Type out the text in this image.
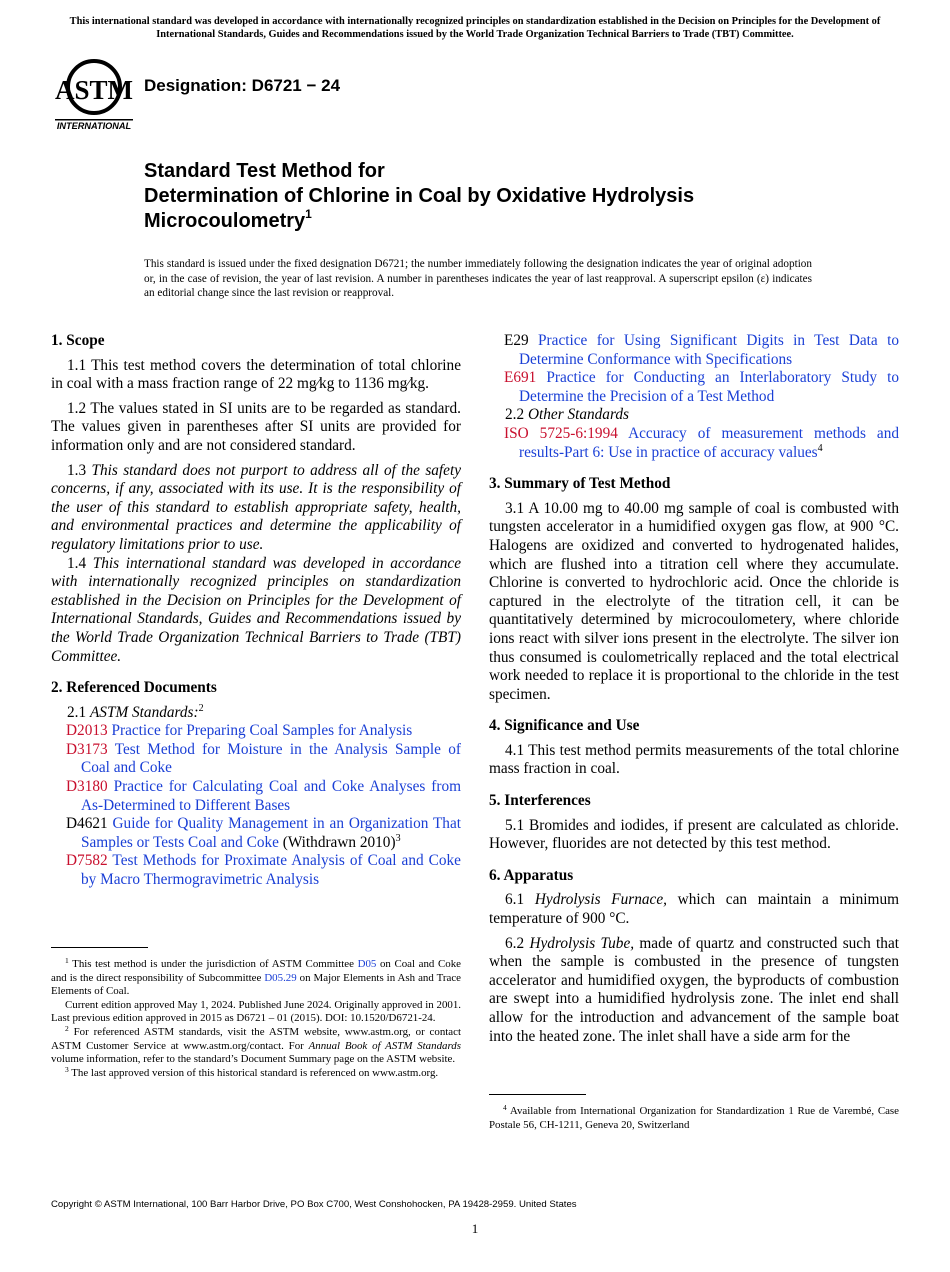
This international standard was developed in accordance with internationally recognized principles on standardization established in the Decision on Principles for the Development of International Standards, Guides and Recommendations issued by the World Trade Organization Technical Barriers to Trade (TBT) Committee.
ASTM
INTERNATIONAL
Designation: D6721 − 24
Standard Test Method for
Determination of Chlorine in Coal by Oxidative Hydrolysis
Microcoulometry$^1$
This standard is issued under the fixed designation D6721; the number immediately following the designation indicates the year of original adoption or, in the case of revision, the year of last revision. A number in parentheses indicates the year of last reapproval. A superscript epsilon (ε) indicates an editorial change since the last revision or reapproval.
1. Scope

1.1 This test method covers the determination of total chlorine in coal with a mass fraction range of 22 mg⁄kg to 1136 mg⁄kg.

1.2 The values stated in SI units are to be regarded as standard. The values given in parentheses after SI units are provided for information only and are not considered standard.

1.3 This standard does not purport to address all of the safety concerns, if any, associated with its use. It is the responsibility of the user of this standard to establish appropriate safety, health, and environmental practices and determine the applicability of regulatory limitations prior to use.

1.4 This international standard was developed in accordance with internationally recognized principles on standardization established in the Decision on Principles for the Development of International Standards, Guides and Recommendations issued by the World Trade Organization Technical Barriers to Trade (TBT) Committee.

2. Referenced Documents

2.1 ASTM Standards:$^2$

D2013 Practice for Preparing Coal Samples for Analysis
D3173 Test Method for Moisture in the Analysis Sample of Coal and Coke
D3180 Practice for Calculating Coal and Coke Analyses from As-Determined to Different Bases
D4621 Guide for Quality Management in an Organization That Samples or Tests Coal and Coke (Withdrawn 2010)$^3$
D7582 Test Methods for Proximate Analysis of Coal and Coke by Macro Thermogravimetric Analysis

$^1$ This test method is under the jurisdiction of ASTM Committee D05 on Coal and Coke and is the direct responsibility of Subcommittee D05.29 on Major Elements in Ash and Trace Elements of Coal.

Current edition approved May 1, 2024. Published June 2024. Originally approved in 2001. Last previous edition approved in 2015 as D6721 – 01 (2015). DOI: 10.1520/D6721-24.

$^2$ For referenced ASTM standards, visit the ASTM website, www.astm.org, or contact ASTM Customer Service at www.astm.org/contact. For Annual Book of ASTM Standards volume information, refer to the standard’s Document Summary page on the ASTM website.

$^3$ The last approved version of this historical standard is referenced on www.astm.org.

E29 Practice for Using Significant Digits in Test Data to Determine Conformance with Specifications
E691 Practice for Conducting an Interlaboratory Study to Determine the Precision of a Test Method

2.2 Other Standards

ISO 5725-6:1994 Accuracy of measurement methods and results-Part 6: Use in practice of accuracy values$^4$
3. Summary of Test Method

3.1 A 10.00 mg to 40.00 mg sample of coal is combusted with tungsten accelerator in a humidified oxygen gas flow, at 900 °C. Halogens are oxidized and converted to hydrogenated halides, which are flushed into a titration cell where they accumulate. Chlorine is converted to hydrochloric acid. Once the chloride is captured in the electrolyte of the titration cell, it can be quantitatively determined by microcoulometery, where chloride ions react with silver ions present in the electrolyte. The silver ion thus consumed is coulometrically replaced and the total electrical work needed to replace it is proportional to the chloride in the test specimen.

4. Significance and Use

4.1 This test method permits measurements of the total chlorine mass fraction in coal.

5. Interferences

5.1 Bromides and iodides, if present are calculated as chloride. However, fluorides are not detected by this test method.

6. Apparatus

6.1 Hydrolysis Furnace, which can maintain a minimum temperature of 900 °C.

6.2 Hydrolysis Tube, made of quartz and constructed such that when the sample is combusted in the presence of tungsten accelerator and humidified oxygen, the byproducts of combustion are swept into a humidified hydrolysis zone. The inlet end shall allow for the introduction and advancement of the sample boat into the heated zone. The inlet shall have a side arm for the

$^4$ Available from International Organization for Standardization 1 Rue de Varembé, Case Postale 56, CH-1211, Geneva 20, Switzerland

Copyright © ASTM International, 100 Barr Harbor Drive, PO Box C700, West Conshohocken, PA 19428-2959. United States
1
